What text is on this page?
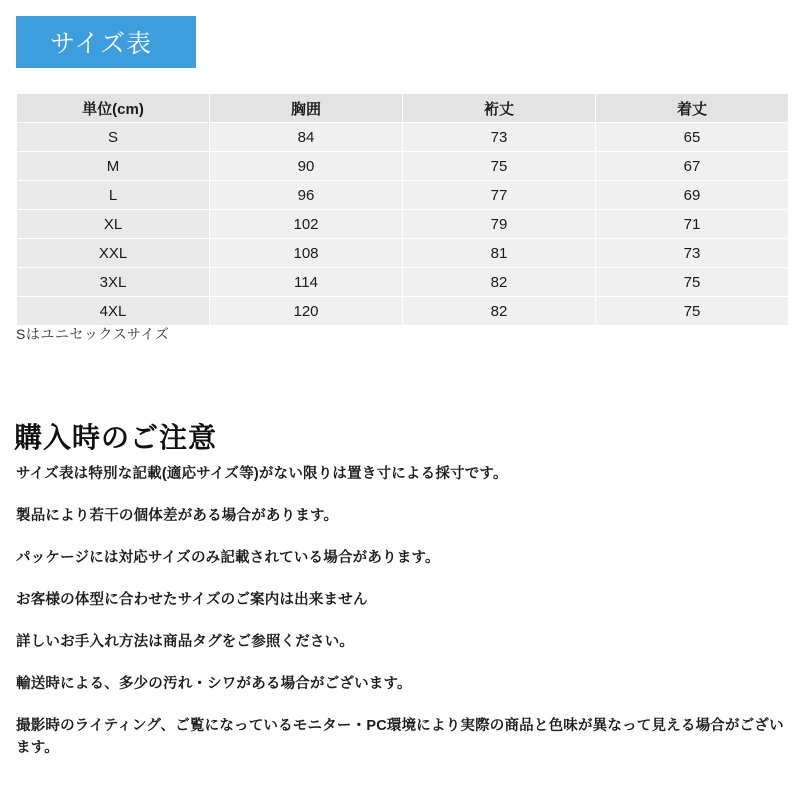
サイズ表
単位(cm)	胸囲	裄丈	着丈
S	84	73	65
M	90	75	67
L	96	77	69
XL	102	79	71
XXL	108	81	73
3XL	114	82	75
4XL	120	82	75
Sはユニセックスサイズ
購入時のご注意
サイズ表は特別な記載(適応サイズ等)がない限りは置き寸による採寸です。
製品により若干の個体差がある場合があります。
パッケージには対応サイズのみ記載されている場合があります。
お客様の体型に合わせたサイズのご案内は出来ません
詳しいお手入れ方法は商品タグをご参照ください。
輸送時による、多少の汚れ・シワがある場合がございます。
撮影時のライティング、ご覧になっているモニター・PC環境により実際の商品と色味が異なって見える場合がございます。
